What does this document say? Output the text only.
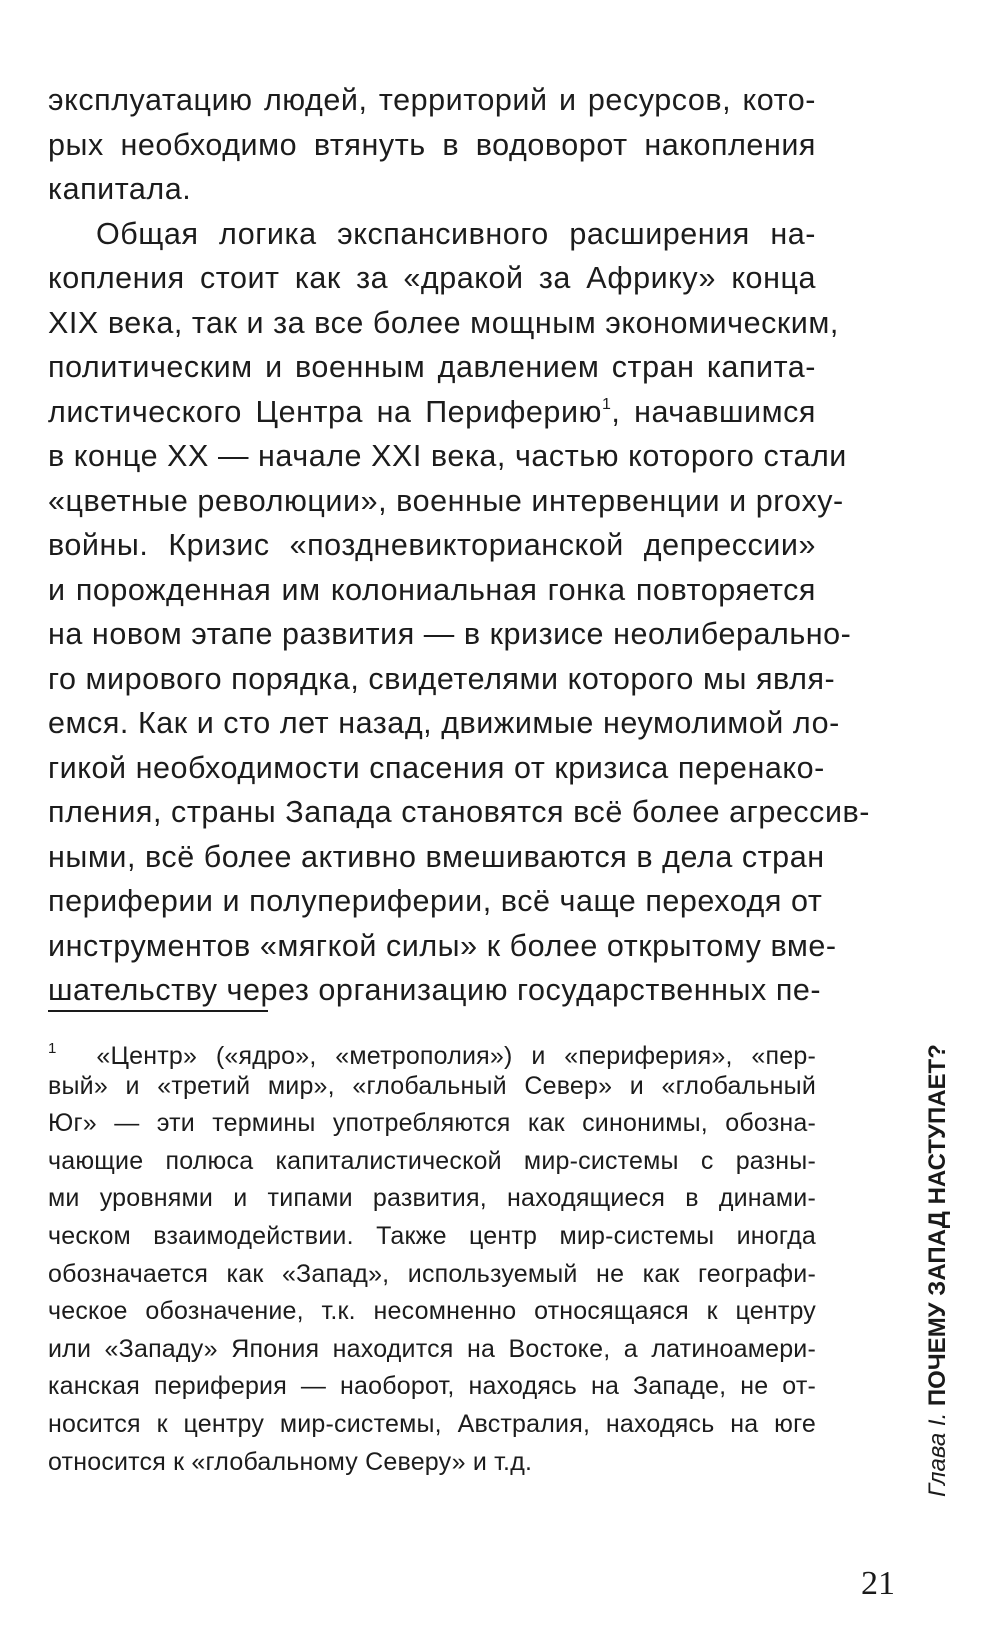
эксплуатацию людей, территорий и ресурсов, кото-
рых необходимо втянуть в водоворот накопления
капитала.
Общая логика экспансивного расширения на-
копления стоит как за «дракой за Африку» конца
XIX века, так и за все более мощным экономическим,
политическим и военным давлением стран капита-
листического Центра на Периферию$^1$, начавшимся
в конце XX — начале XXI века, частью которого стали
«цветные революции», военные интервенции и proxy-
войны. Кризис «поздневикторианской депрессии»
и порожденная им колониальная гонка повторяется
на новом этапе развития — в кризисе неолиберально-
го мирового порядка, свидетелями которого мы явля-
емся. Как и сто лет назад, движимые неумолимой ло-
гикой необходимости спасения от кризиса перенако-
пления, страны Запада становятся всё более агрессив-
ными, всё более активно вмешиваются в дела стран
периферии и полупериферии, всё чаще переходя от
инструментов «мягкой силы» к более открытому вме-
шательству через организацию государственных пе-
1 «Центр» («ядро», «метрополия») и «периферия», «пер-
вый» и «третий мир», «глобальный Север» и «глобальный
Юг» — эти термины употребляются как синонимы, обозна-
чающие полюса капиталистической мир-системы с разны-
ми уровнями и типами развития, находящиеся в динами-
ческом взаимодействии. Также центр мир-системы иногда
обозначается как «Запад», используемый не как географи-
ческое обозначение, т.к. несомненно относящаяся к центру
или «Западу» Япония находится на Востоке, а латиноамери-
канская периферия — наоборот, находясь на Западе, не от-
носится к центру мир-системы, Австралия, находясь на юге
относится к «глобальному Северу» и т.д.	Глава I. ПОЧЕМУ ЗАПАД НАСТУПАЕТ?
21
